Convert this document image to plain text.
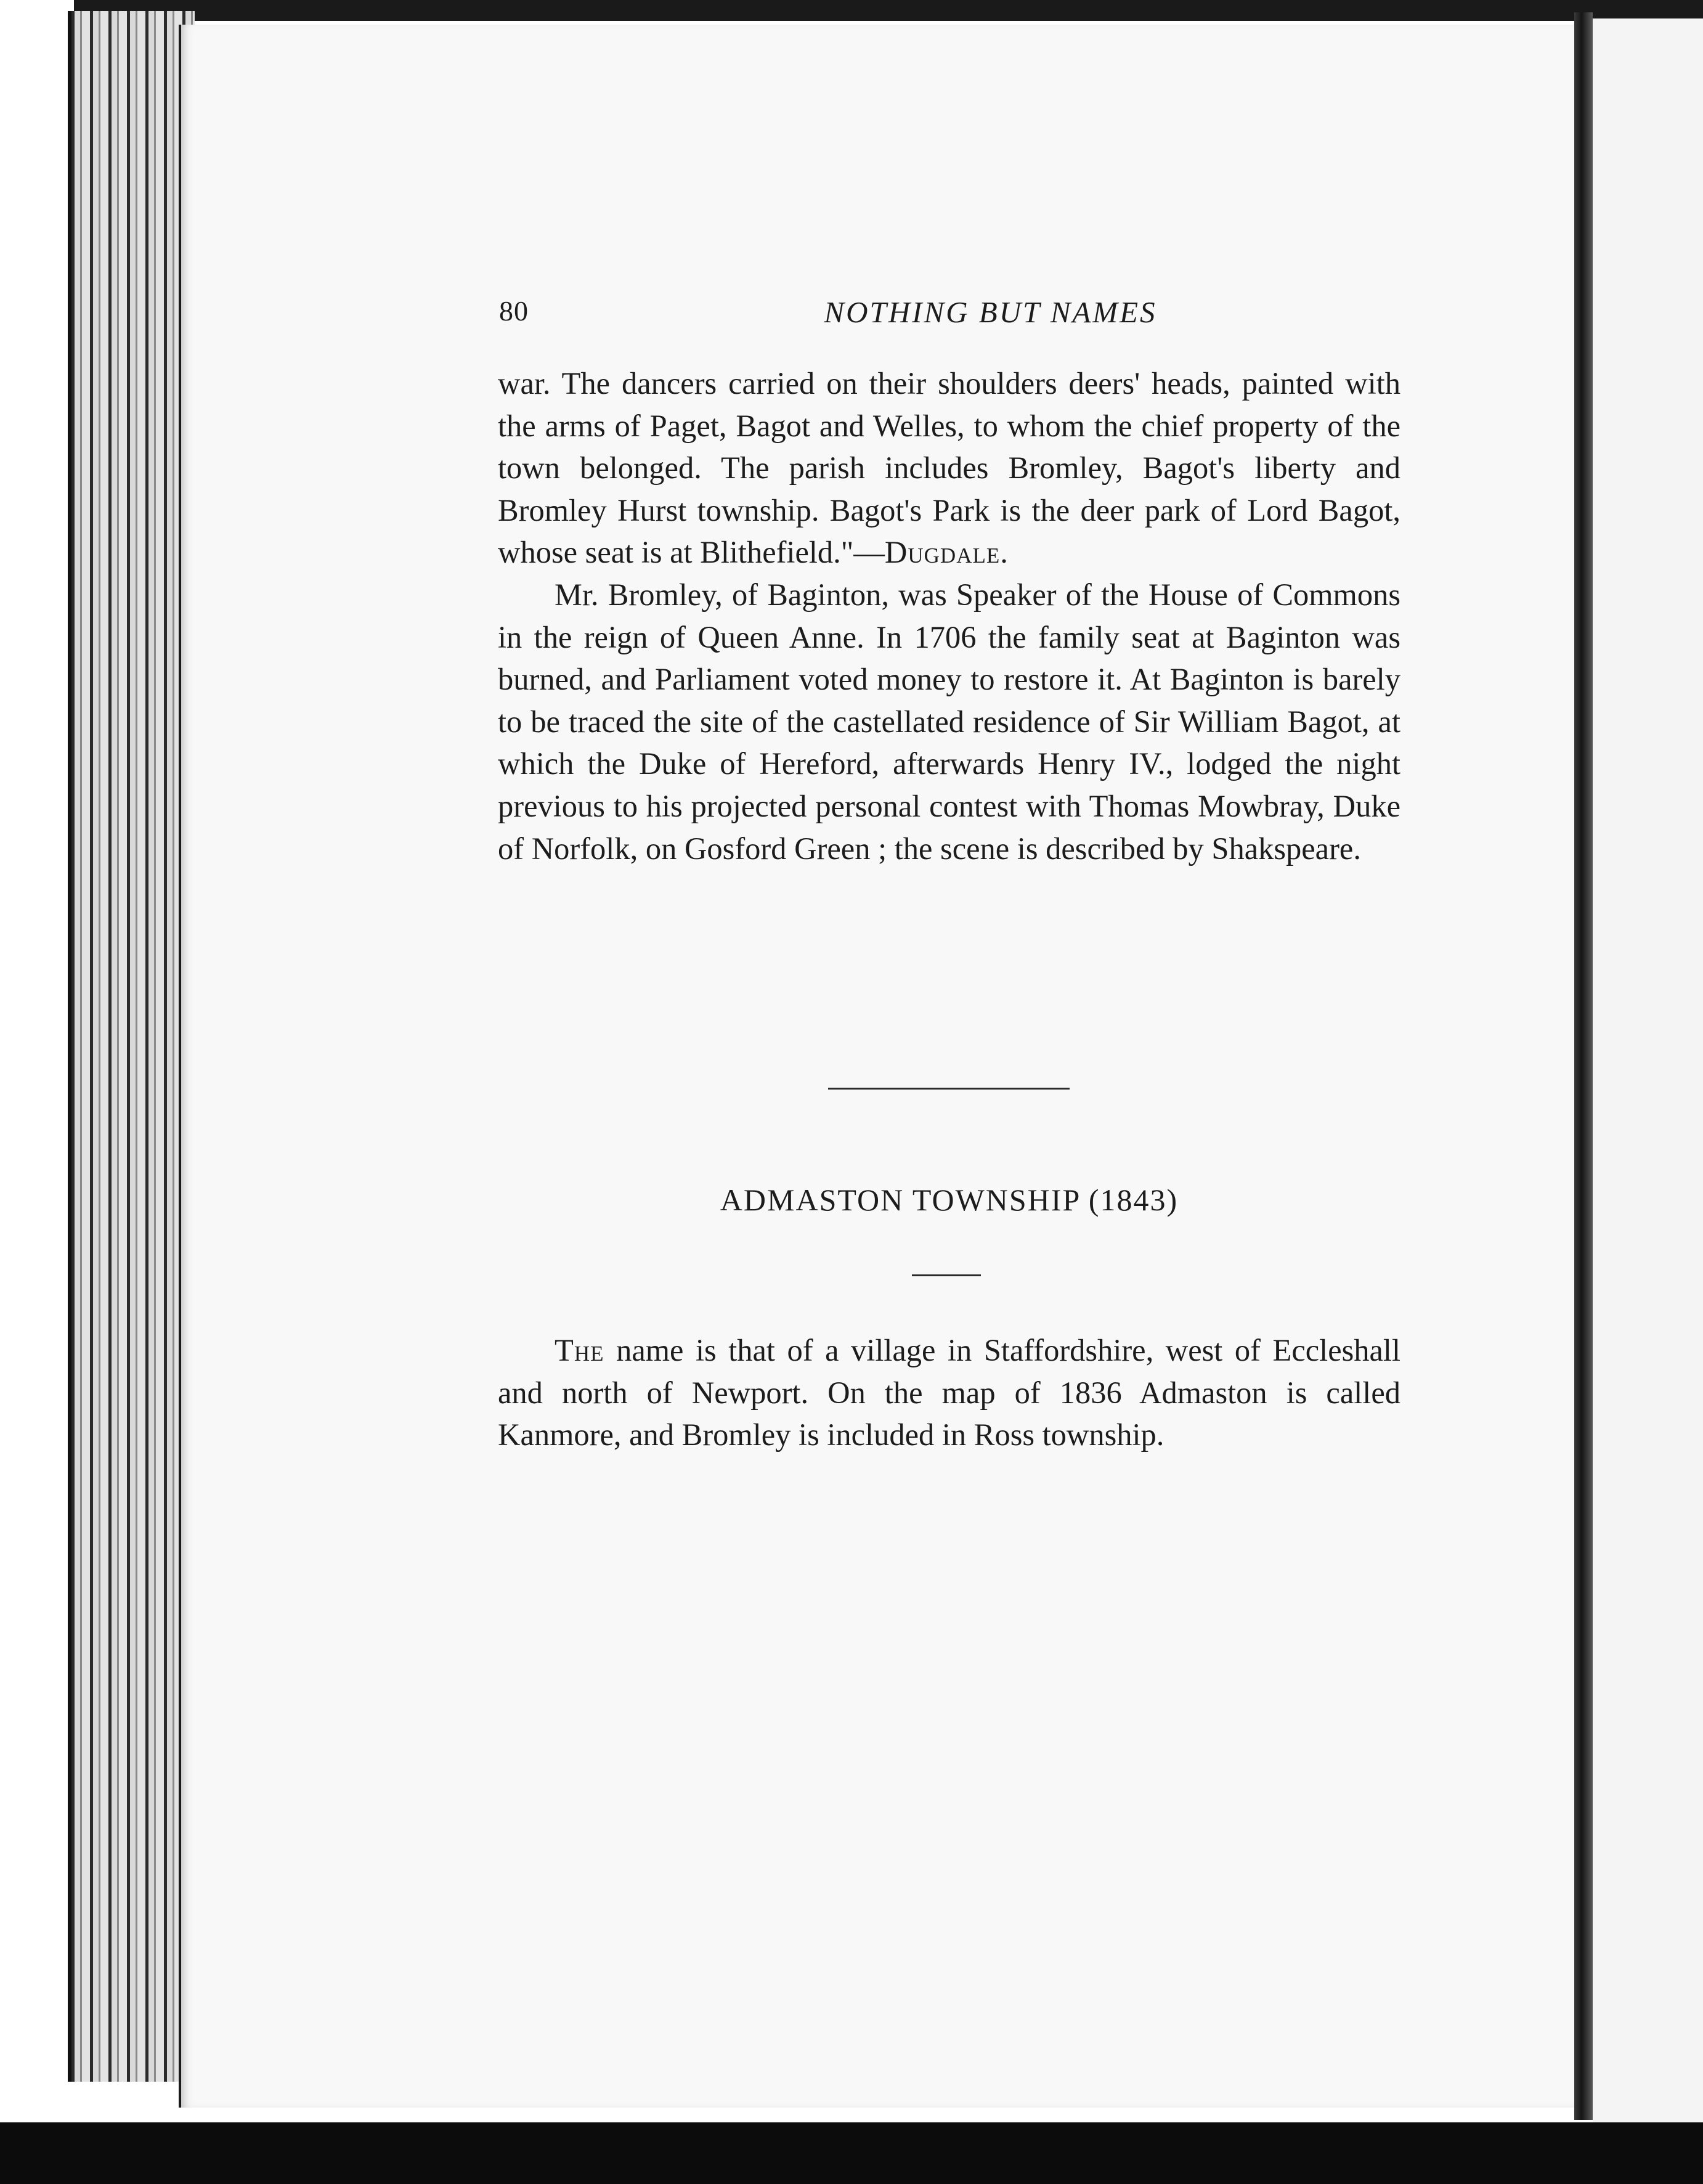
80	NOTHING BUT NAMES

war. The dancers carried on their shoulders deers' heads, painted with the arms of Paget, Bagot and Welles, to whom the chief property of the town belonged. The parish includes Bromley, Bagot's liberty and Bromley Hurst township. Bagot's Park is the deer park of Lord Bagot, whose seat is at Blithefield."—Dugdale.

Mr. Bromley, of Baginton, was Speaker of the House of Commons in the reign of Queen Anne. In 1706 the family seat at Baginton was burned, and Parliament voted money to restore it. At Baginton is barely to be traced the site of the castellated residence of Sir William Bagot, at which the Duke of Hereford, afterwards Henry IV., lodged the night previous to his projected personal contest with Thomas Mowbray, Duke of Norfolk, on Gosford Green ; the scene is described by Shakspeare.

ADMASTON TOWNSHIP (1843)

The name is that of a village in Staffordshire, west of Eccleshall and north of Newport. On the map of 1836 Admaston is called Kanmore, and Bromley is included in Ross township.
